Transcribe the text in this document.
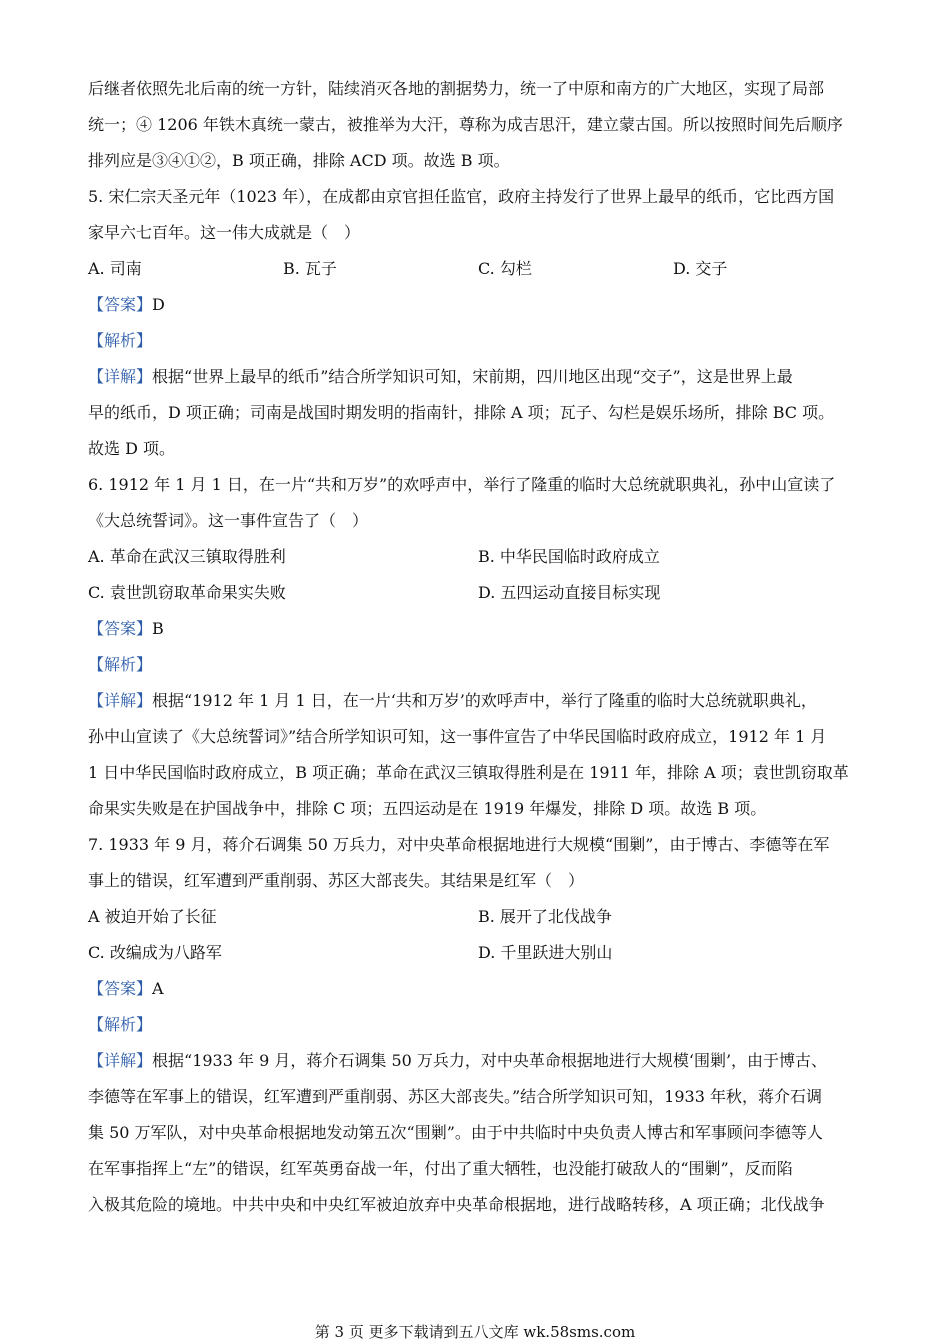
后继者依照先北后南的统一方针，陆续消灭各地的割据势力，统一了中原和南方的广大地区，实现了局部

统一；④ 1206 年铁木真统一蒙古，被推举为大汗，尊称为成吉思汗，建立蒙古国。所以按照时间先后顺序

排列应是③④①②，B 项正确，排除 ACD 项。故选 B 项。

5. 宋仁宗天圣元年（1023 年），在成都由京官担任监官，政府主持发行了世界上最早的纸币，它比西方国

家早六七百年。这一伟大成就是（　）

A. 司南	B. 瓦子	C. 勾栏	D. 交子

【答案】D

【解析】

【详解】根据“世界上最早的纸币”结合所学知识可知，宋前期，四川地区出现“交子”，这是世界上最

早的纸币，D 项正确；司南是战国时期发明的指南针，排除 A 项；瓦子、勾栏是娱乐场所，排除 BC 项。

故选 D 项。

6. 1912 年 1 月 1 日，在一片“共和万岁”的欢呼声中，举行了隆重的临时大总统就职典礼，孙中山宣读了

《大总统誓词》。这一事件宣告了（　）

A. 革命在武汉三镇取得胜利	B. 中华民国临时政府成立
C. 袁世凯窃取革命果实失败	D. 五四运动直接目标实现

【答案】B

【解析】

【详解】根据“1912 年 1 月 1 日，在一片‘共和万岁’的欢呼声中，举行了隆重的临时大总统就职典礼，

孙中山宣读了《大总统誓词》”结合所学知识可知，这一事件宣告了中华民国临时政府成立，1912 年 1 月

1 日中华民国临时政府成立，B 项正确；革命在武汉三镇取得胜利是在 1911 年，排除 A 项；袁世凯窃取革

命果实失败是在护国战争中，排除 C 项；五四运动是在 1919 年爆发，排除 D 项。故选 B 项。

7. 1933 年 9 月，蒋介石调集 50 万兵力，对中央革命根据地进行大规模“围剿”，由于博古、李德等在军

事上的错误，红军遭到严重削弱、苏区大部丧失。其结果是红军（　）

A 被迫开始了长征	B. 展开了北伐战争
C. 改编成为八路军	D. 千里跃进大别山

【答案】A

【解析】

【详解】根据“1933 年 9 月，蒋介石调集 50 万兵力，对中央革命根据地进行大规模‘围剿’，由于博古、

李德等在军事上的错误，红军遭到严重削弱、苏区大部丧失。”结合所学知识可知，1933 年秋，蒋介石调

集 50 万军队，对中央革命根据地发动第五次“围剿”。由于中共临时中央负责人博古和军事顾问李德等人

在军事指挥上“左”的错误，红军英勇奋战一年，付出了重大牺牲，也没能打破敌人的“围剿”，反而陷

入极其危险的境地。中共中央和中央红军被迫放弃中央革命根据地，进行战略转移，A 项正确；北伐战争

第 3 页 更多下载请到五八文库 wk.58sms.com
